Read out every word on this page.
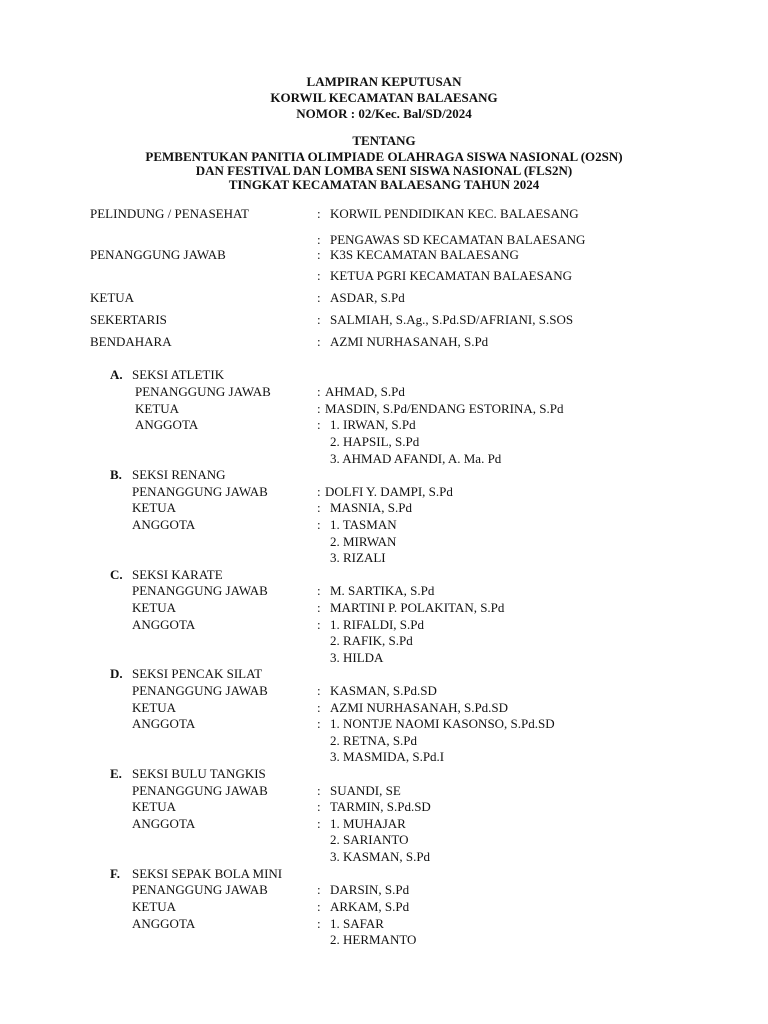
LAMPIRAN KEPUTUSAN
KORWIL KECAMATAN BALAESANG
NOMOR : 02/Kec. Bal/SD/2024
TENTANG
PEMBENTUKAN PANITIA OLIMPIADE OLAHRAGA SISWA NASIONAL (O2SN)
DAN FESTIVAL DAN LOMBA SENI SISWA NASIONAL (FLS2N)
TINGKAT KECAMATAN BALAESANG TAHUN 2024
PELINDUNG / PENASEHAT	: KORWIL PENDIDIKAN KEC. BALAESANG
: PENGAWAS SD KECAMATAN BALAESANG
PENANGGUNG JAWAB	: K3S KECAMATAN BALAESANG
: KETUA PGRI KECAMATAN BALAESANG
KETUA	: ASDAR, S.Pd
SEKERTARIS	: SALMIAH, S.Ag., S.Pd.SD/AFRIANI, S.SOS
BENDAHARA	: AZMI NURHASANAH, S.Pd
A. SEKSI ATLETIK
PENANGGUNG JAWAB	: AHMAD, S.Pd
KETUA	: MASDIN, S.Pd/ENDANG ESTORINA, S.Pd
ANGGOTA	: 1. IRWAN, S.Pd
2. HAPSIL, S.Pd
3. AHMAD AFANDI, A. Ma. Pd
B. SEKSI RENANG
PENANGGUNG JAWAB	: DOLFI Y. DAMPI, S.Pd
KETUA	: MASNIA, S.Pd
ANGGOTA	: 1. TASMAN
2. MIRWAN
3. RIZALI
C. SEKSI KARATE
PENANGGUNG JAWAB	: M. SARTIKA, S.Pd
KETUA	: MARTINI P. POLAKITAN, S.Pd
ANGGOTA	: 1. RIFALDI, S.Pd
2. RAFIK, S.Pd
3. HILDA
D. SEKSI PENCAK SILAT
PENANGGUNG JAWAB	: KASMAN, S.Pd.SD
KETUA	: AZMI NURHASANAH, S.Pd.SD
ANGGOTA	: 1. NONTJE NAOMI KASONSO, S.Pd.SD
2. RETNA, S.Pd
3. MASMIDA, S.Pd.I
E. SEKSI BULU TANGKIS
PENANGGUNG JAWAB	: SUANDI, SE
KETUA	: TARMIN, S.Pd.SD
ANGGOTA	: 1. MUHAJAR
2. SARIANTO
3. KASMAN, S.Pd
F. SEKSI SEPAK BOLA MINI
PENANGGUNG JAWAB	: DARSIN, S.Pd
KETUA	: ARKAM, S.Pd
ANGGOTA	: 1. SAFAR
2. HERMANTO
